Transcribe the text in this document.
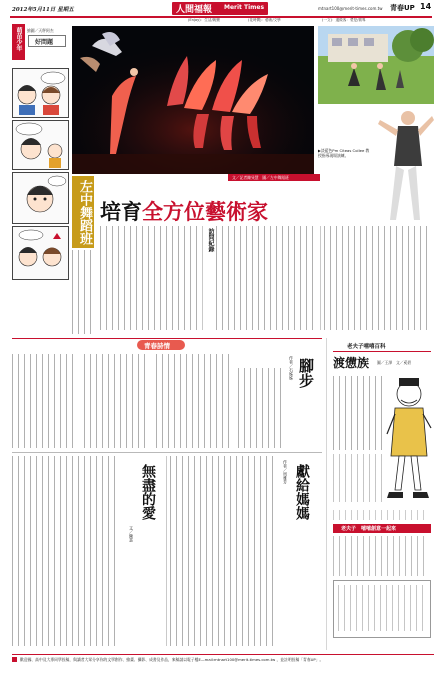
2012年5月11日 星期五	人間福報 Merit Times	mtnart100@merit-times.com.tw 青春UP 14
(Enjoy)：生活/娛樂	(花時間)：藝術/文學	(一文)：邊做客：愛是/微專
萌苗少年 繪圖／天秤阿杰
好問題
▶淡藍色Pm Citeas Collee 教授指導現場演練。
左中舞蹈班 培育全方位藝術家
文／記者陳旻慧　圖／左中舞蹈班
訪問紀錄
青春詩情
作者／石姊姊 腳步
無盡的愛
文／陳嘉
獻給媽媽
作者／周雅芳
老夫子嘻嘻百科
渡憊族 圖／王澤　文／奚碧
老夫子　嘻嘻創意一起來
歡迎國、高中及大專同學投稿，與讀者大眾分享你的文學創作、繪畫、攝影、成書及作品，來稿請以電子檔E—mail:mtnart100@merit-times.com.tw ，並註明投稿「青春UP」。
